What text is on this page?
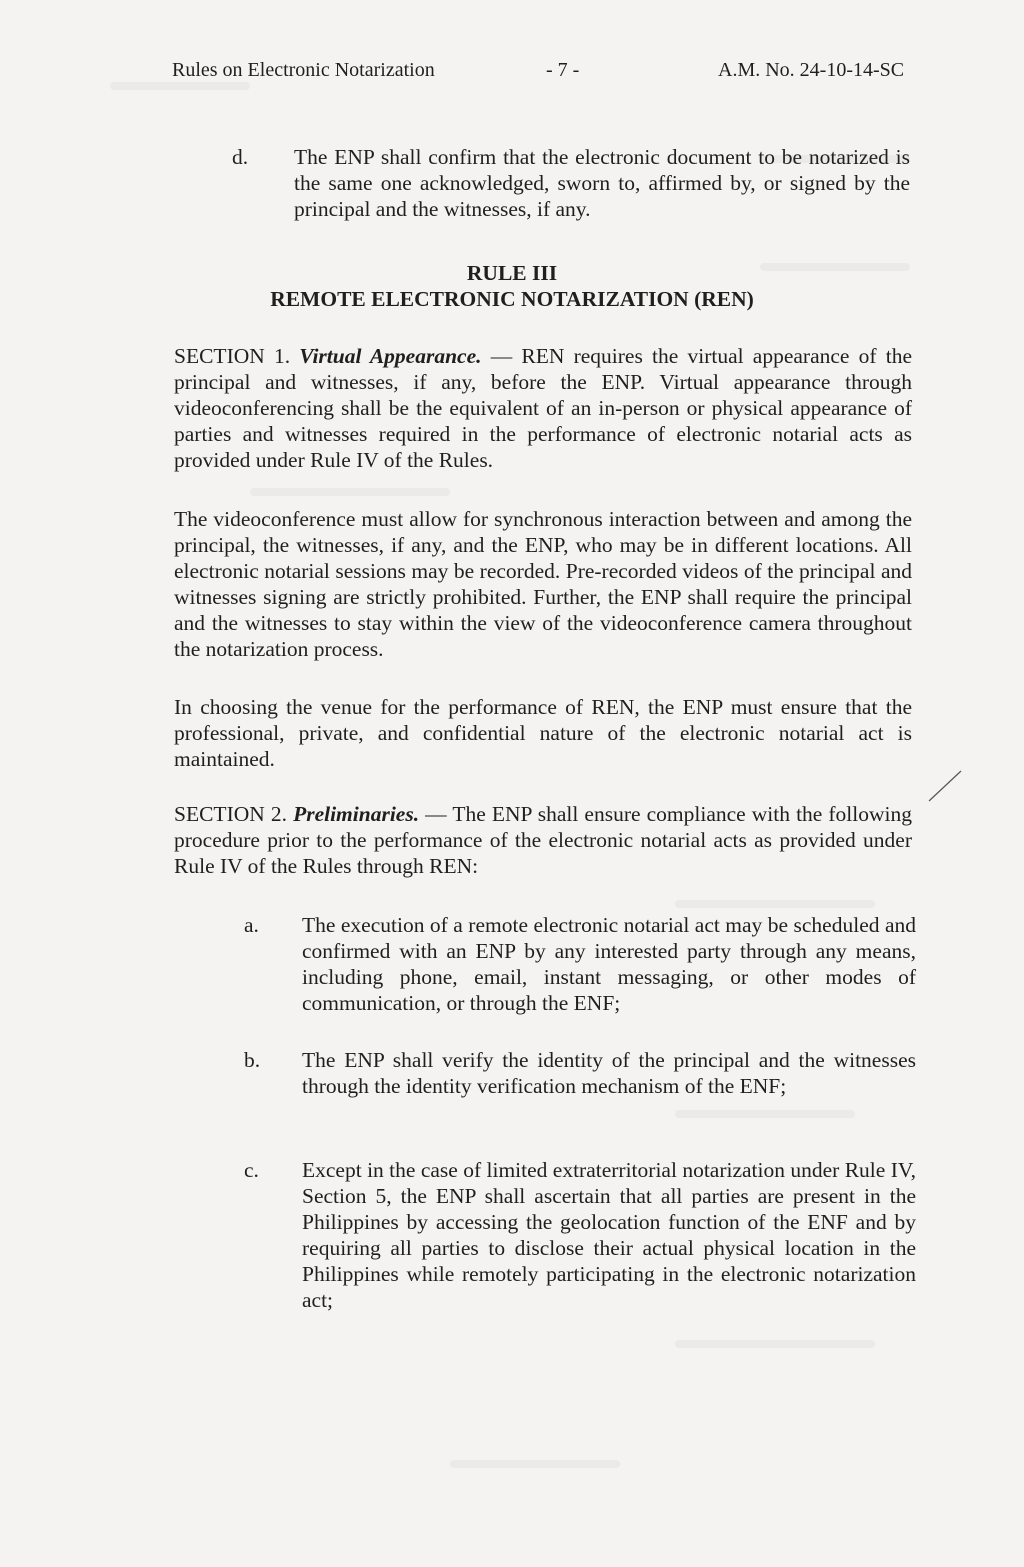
Rules on Electronic Notarization	- 7 -	A.M. No. 24-10-14-SC
d. The ENP shall confirm that the electronic document to be notarized is the same one acknowledged, sworn to, affirmed by, or signed by the principal and the witnesses, if any.

RULE III
REMOTE ELECTRONIC NOTARIZATION (REN)

SECTION 1. Virtual Appearance. — REN requires the virtual appearance of the principal and witnesses, if any, before the ENP. Virtual appearance through videoconferencing shall be the equivalent of an in-person or physical appearance of parties and witnesses required in the performance of electronic notarial acts as provided under Rule IV of the Rules.

The videoconference must allow for synchronous interaction between and among the principal, the witnesses, if any, and the ENP, who may be in different locations. All electronic notarial sessions may be recorded. Pre-recorded videos of the principal and witnesses signing are strictly prohibited. Further, the ENP shall require the principal and the witnesses to stay within the view of the videoconference camera throughout the notarization process.

In choosing the venue for the performance of REN, the ENP must ensure that the professional, private, and confidential nature of the electronic notarial act is maintained.

SECTION 2. Preliminaries. — The ENP shall ensure compliance with the following procedure prior to the performance of the electronic notarial acts as provided under Rule IV of the Rules through REN:

a. The execution of a remote electronic notarial act may be scheduled and confirmed with an ENP by any interested party through any means, including phone, email, instant messaging, or other modes of communication, or through the ENF;

b. The ENP shall verify the identity of the principal and the witnesses through the identity verification mechanism of the ENF;

c. Except in the case of limited extraterritorial notarization under Rule IV, Section 5, the ENP shall ascertain that all parties are present in the Philippines by accessing the geolocation function of the ENF and by requiring all parties to disclose their actual physical location in the Philippines while remotely participating in the electronic notarization act;
